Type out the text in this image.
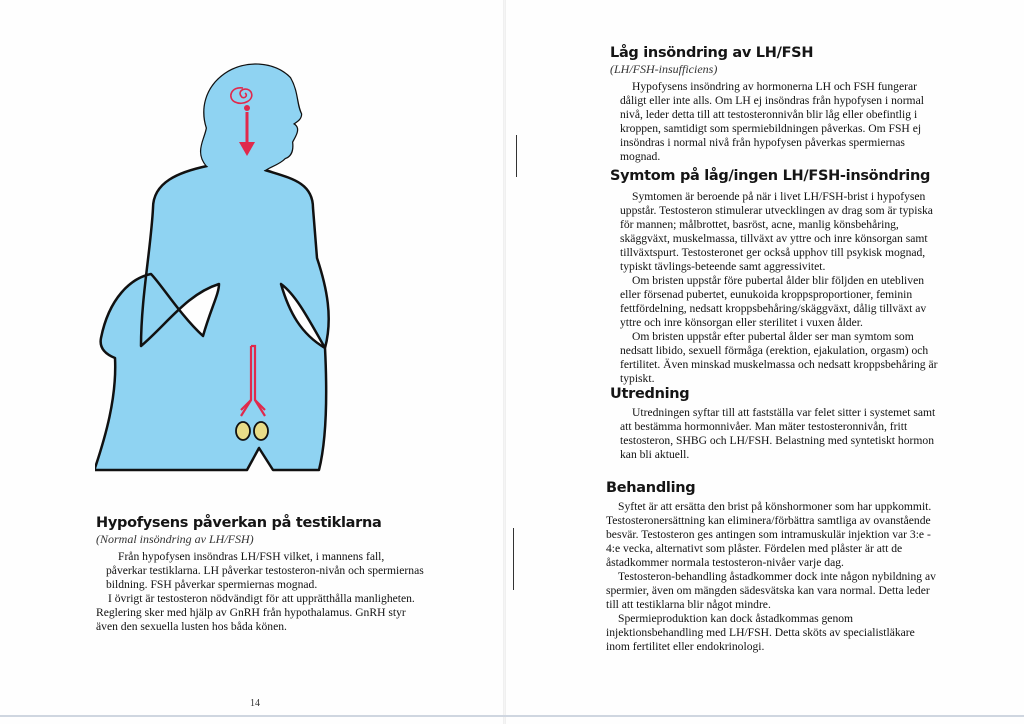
Hypofysens påverkan på testiklarna
(Normal insöndring av LH/FSH)

Från hypofysen insöndras LH/FSH vilket, i mannens fall, påverkar testiklarna. LH påverkar testosteron-nivån och spermiernas bildning. FSH påverkar spermiernas mognad.

I övrigt är testosteron nödvändigt för att upprätthålla manligheten. Reglering sker med hjälp av GnRH från hypothalamus. GnRH styr även den sexuella lusten hos båda könen.

14
Låg insöndring av LH/FSH
(LH/FSH-insufficiens)

Hypofysens insöndring av hormonerna LH och FSH fungerar dåligt eller inte alls. Om LH ej insöndras från hypofysen i normal nivå, leder detta till att testosteronnivån blir låg eller obefintlig i kroppen, samtidigt som spermiebildningen påverkas. Om FSH ej insöndras i normal nivå från hypofysen påverkas spermiernas mognad.

Symtom på låg/ingen LH/FSH-insöndring

Symtomen är beroende på när i livet LH/FSH-brist i hypofysen uppstår. Testosteron stimulerar utvecklingen av drag som är typiska för mannen; målbrottet, basröst, acne, manlig könsbehåring, skäggväxt, muskelmassa, tillväxt av yttre och inre könsorgan samt tillväxtspurt. Testosteronet ger också upphov till psykisk mognad, typiskt tävlings-beteende samt aggressivitet.

Om bristen uppstår före pubertal ålder blir följden en utebliven eller försenad pubertet, eunukoida kroppsproportioner, feminin fettfördelning, nedsatt kroppsbehåring/skäggväxt, dålig tillväxt av yttre och inre könsorgan eller sterilitet i vuxen ålder.

Om bristen uppstår efter pubertal ålder ser man symtom som nedsatt libido, sexuell förmåga (erektion, ejakulation, orgasm) och fertilitet. Även minskad muskelmassa och nedsatt kroppsbehåring är typiskt.

Utredning

Utredningen syftar till att fastställa var felet sitter i systemet samt att bestämma hormonnivåer. Man mäter testosteronnivån, fritt testosteron, SHBG och LH/FSH. Belastning med syntetiskt hormon kan bli aktuell.

Behandling

Syftet är att ersätta den brist på könshormoner som har uppkommit. Testosteronersättning kan eliminera/förbättra samtliga av ovanstående besvär. Testosteron ges antingen som intramuskulär injektion var 3:e - 4:e vecka, alternativt som plåster. Fördelen med plåster är att de åstadkommer normala testosteron-nivåer varje dag.

Testosteron-behandling åstadkommer dock inte någon nybildning av spermier, även om mängden sädesvätska kan vara normal. Detta leder till att testiklarna blir något mindre.

Spermieproduktion kan dock åstadkommas genom injektionsbehandling med LH/FSH. Detta sköts av specialistläkare inom fertilitet eller endokrinologi.
